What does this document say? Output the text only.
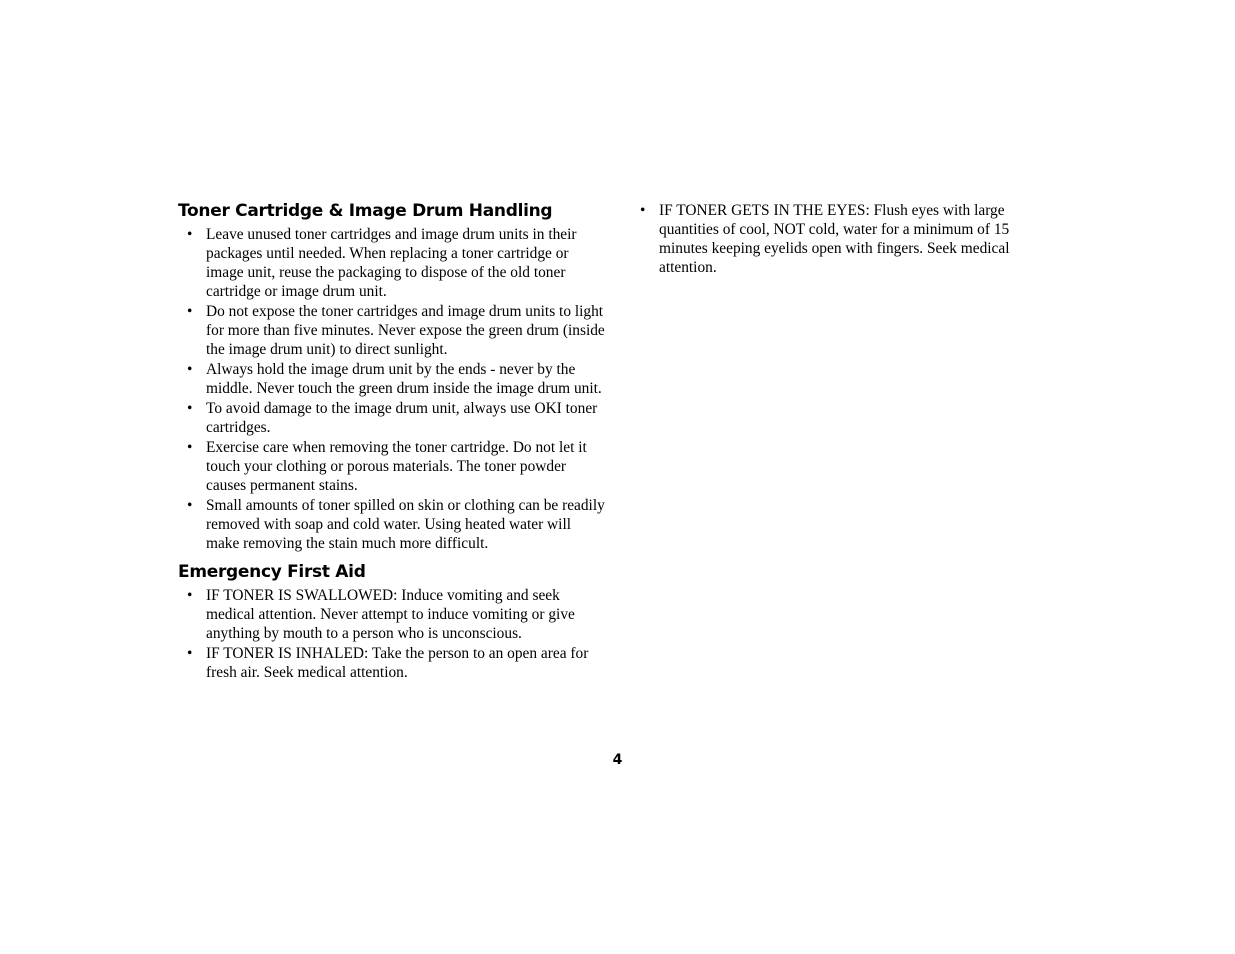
Toner Cartridge & Image Drum Handling
• Leave unused toner cartridges and image drum units in their packages until needed. When replacing a toner cartridge or image unit, reuse the packaging to dispose of the old toner cartridge or image drum unit.
• Do not expose the toner cartridges and image drum units to light for more than five minutes. Never expose the green drum (inside the image drum unit) to direct sunlight.
• Always hold the image drum unit by the ends - never by the middle. Never touch the green drum inside the image drum unit.
• To avoid damage to the image drum unit, always use OKI toner cartridges.
• Exercise care when removing the toner cartridge. Do not let it touch your clothing or porous materials. The toner powder causes permanent stains.
• Small amounts of toner spilled on skin or clothing can be readily removed with soap and cold water. Using heated water will make removing the stain much more difficult.
Emergency First Aid
• IF TONER IS SWALLOWED: Induce vomiting and seek medical attention. Never attempt to induce vomiting or give anything by mouth to a person who is unconscious.
• IF TONER IS INHALED: Take the person to an open area for fresh air. Seek medical attention.
• IF TONER GETS IN THE EYES: Flush eyes with large quantities of cool, NOT cold, water for a minimum of 15 minutes keeping eyelids open with fingers. Seek medical attention.
4
